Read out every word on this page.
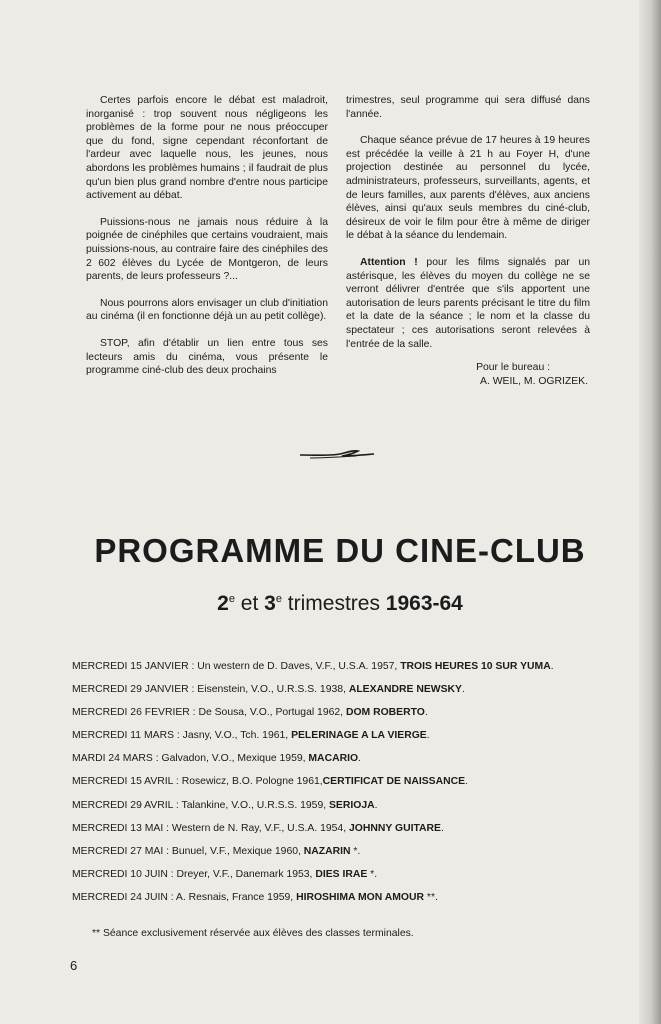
Certes parfois encore le débat est maladroit, inorganisé : trop souvent nous négligeons les problèmes de la forme pour ne nous préoccuper que du fond, signe cependant réconfortant de l'ardeur avec laquelle nous, les jeunes, nous abordons les problèmes humains ; il faudrait de plus qu'un bien plus grand nombre d'entre nous participe activement au débat.

Puissions-nous ne jamais nous réduire à la poignée de cinéphiles que certains voudraient, mais puissions-nous, au contraire faire des cinéphiles des 2 602 élèves du Lycée de Montgeron, de leurs parents, de leurs professeurs ?...

Nous pourrons alors envisager un club d'initiation au cinéma (il en fonctionne déjà un au petit collège).

STOP, afin d'établir un lien entre tous ses lecteurs amis du cinéma, vous présente le programme ciné-club des deux prochains

trimestres, seul programme qui sera diffusé dans l'année.

Chaque séance prévue de 17 heures à 19 heures est précédée la veille à 21 h au Foyer H, d'une projection destinée au personnel du lycée, administrateurs, professeurs, surveillants, agents, et de leurs familles, aux parents d'élèves, aux anciens élèves, ainsi qu'aux seuls membres du ciné-club, désireux de voir le film pour être à même de diriger le débat à la séance du lendemain.

Attention ! pour les films signalés par un astérisque, les élèves du moyen du collège ne se verront délivrer d'entrée que s'ils apportent une autorisation de leurs parents précisant le titre du film et la date de la séance ; le nom et la classe du spectateur ; ces autorisations seront relevées à l'entrée de la salle.

Pour le bureau :
A. WEIL, M. OGRIZEK.
PROGRAMME DU CINE-CLUB
2e et 3e trimestres 1963-64
MERCREDI 15 JANVIER : Un western de D. Daves, V.F., U.S.A. 1957, TROIS HEURES 10 SUR YUMA.
MERCREDI 29 JANVIER : Eisenstein, V.O., U.R.S.S. 1938, ALEXANDRE NEWSKY.
MERCREDI 26 FEVRIER : De Sousa, V.O., Portugal 1962, DOM ROBERTO.
MERCREDI 11 MARS : Jasny, V.O., Tch. 1961, PELERINAGE A LA VIERGE.
MARDI 24 MARS : Galvadon, V.O., Mexique 1959, MACARIO.
MERCREDI 15 AVRIL : Rosewicz, B.O. Pologne 1961,CERTIFICAT DE NAISSANCE.
MERCREDI 29 AVRIL : Talankine, V.O., U.R.S.S. 1959, SERIOJA.
MERCREDI 13 MAI : Western de N. Ray, V.F., U.S.A. 1954, JOHNNY GUITARE.
MERCREDI 27 MAI : Bunuel, V.F., Mexique 1960, NAZARIN *.
MERCREDI 10 JUIN : Dreyer, V.F., Danemark 1953, DIES IRAE *.
MERCREDI 24 JUIN : A. Resnais, France 1959, HIROSHIMA MON AMOUR **.
** Séance exclusivement réservée aux élèves des classes terminales.
6
